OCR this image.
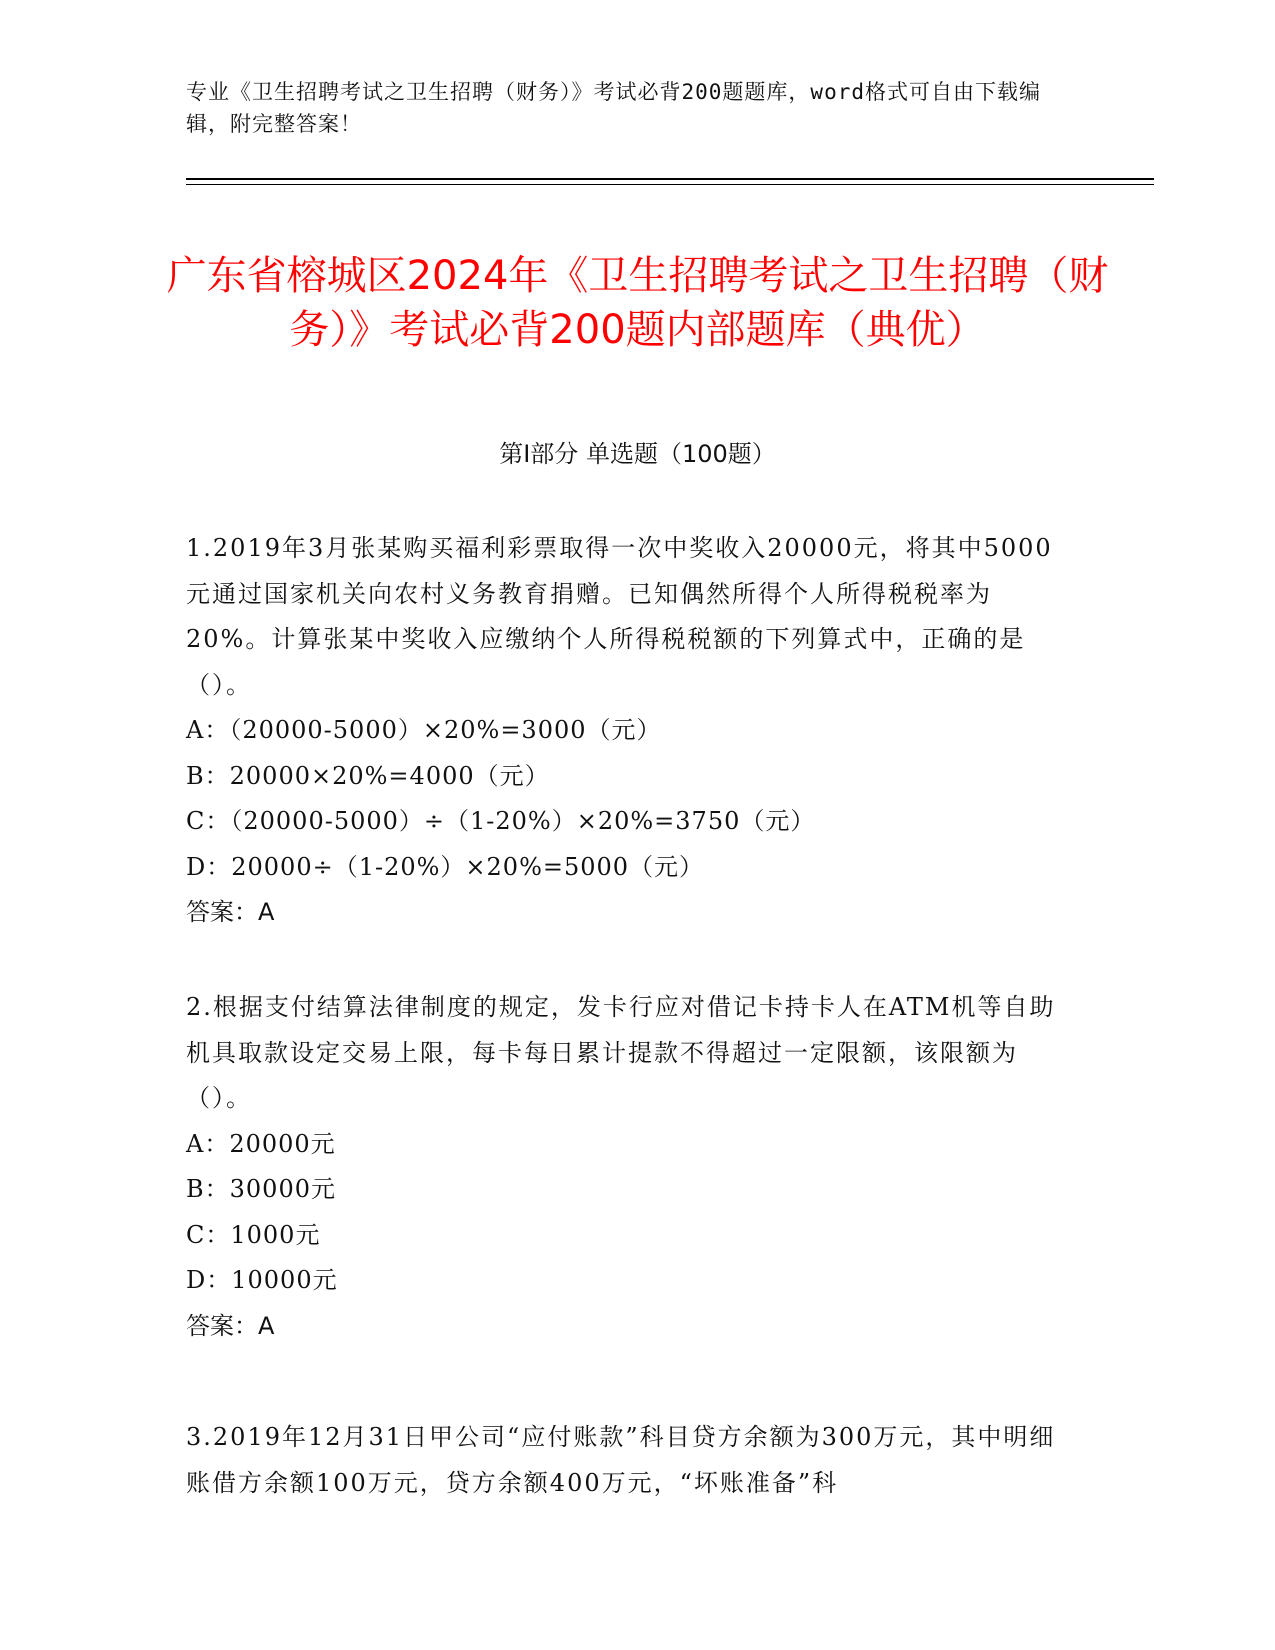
专业《卫生招聘考试之卫生招聘（财务）》考试必背200题题库，word格式可自由下载编辑，附完整答案！
广东省榕城区2024年《卫生招聘考试之卫生招聘（财务）》考试必背200题内部题库（典优）
第I部分 单选题（100题）

1.2019年3月张某购买福利彩票取得一次中奖收入20000元，将其中5000元通过国家机关向农村义务教育捐赠。已知偶然所得个人所得税税率为20%。计算张某中奖收入应缴纳个人所得税税额的下列算式中，正确的是（）。

A：（20000-5000）×20%=3000（元）

B：20000×20%=4000（元）

C：（20000-5000）÷（1-20%）×20%=3750（元）

D：20000÷（1-20%）×20%=5000（元）

答案：A

2.根据支付结算法律制度的规定，发卡行应对借记卡持卡人在ATM机等自助机具取款设定交易上限，每卡每日累计提款不得超过一定限额，该限额为（）。

A：20000元

B：30000元

C：1000元

D：10000元

答案：A

3.2019年12月31日甲公司“应付账款”科目贷方余额为300万元，其中明细账借方余额100万元，贷方余额400万元，“坏账准备”科
